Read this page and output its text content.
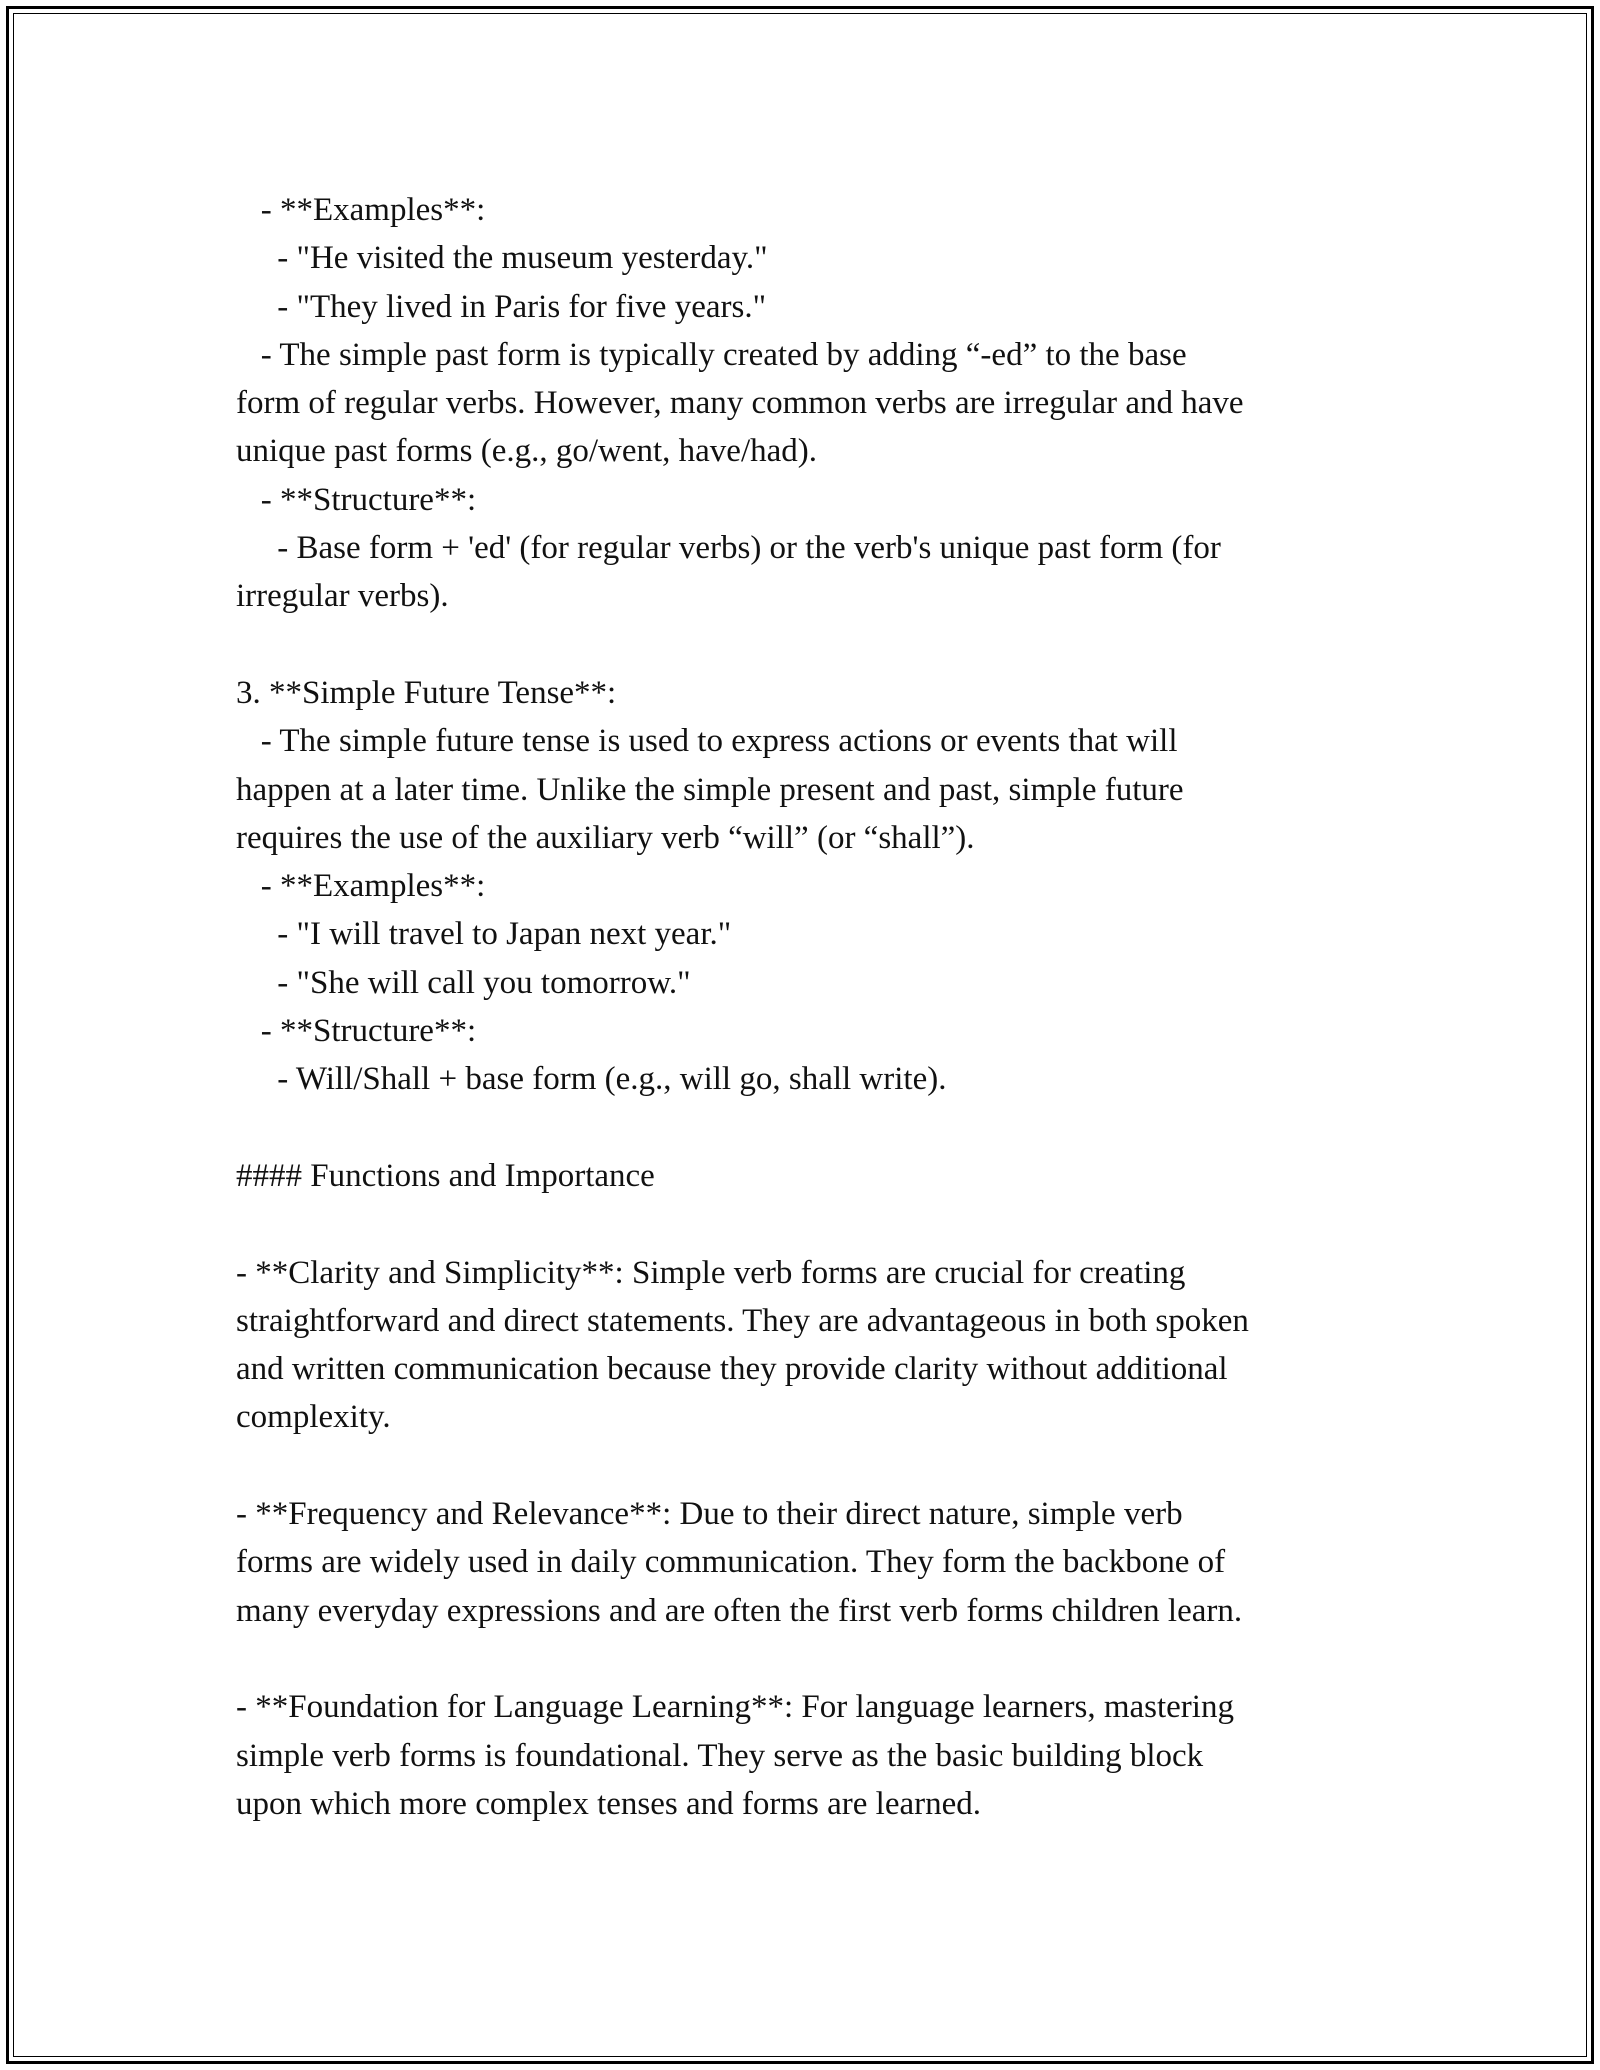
- **Examples**:

- "He visited the museum yesterday."

- "They lived in Paris for five years."

- The simple past form is typically created by adding “-ed” to the base

form of regular verbs. However, many common verbs are irregular and have

unique past forms (e.g., go/went, have/had).

- **Structure**:

- Base form + 'ed' (for regular verbs) or the verb's unique past form (for

irregular verbs).

3. **Simple Future Tense**:

- The simple future tense is used to express actions or events that will

happen at a later time. Unlike the simple present and past, simple future

requires the use of the auxiliary verb “will” (or “shall”).

- **Examples**:

- "I will travel to Japan next year."

- "She will call you tomorrow."

- **Structure**:

- Will/Shall + base form (e.g., will go, shall write).

#### Functions and Importance

- **Clarity and Simplicity**: Simple verb forms are crucial for creating

straightforward and direct statements. They are advantageous in both spoken

and written communication because they provide clarity without additional

complexity.

- **Frequency and Relevance**: Due to their direct nature, simple verb

forms are widely used in daily communication. They form the backbone of

many everyday expressions and are often the first verb forms children learn.

- **Foundation for Language Learning**: For language learners, mastering

simple verb forms is foundational. They serve as the basic building block

upon which more complex tenses and forms are learned.
